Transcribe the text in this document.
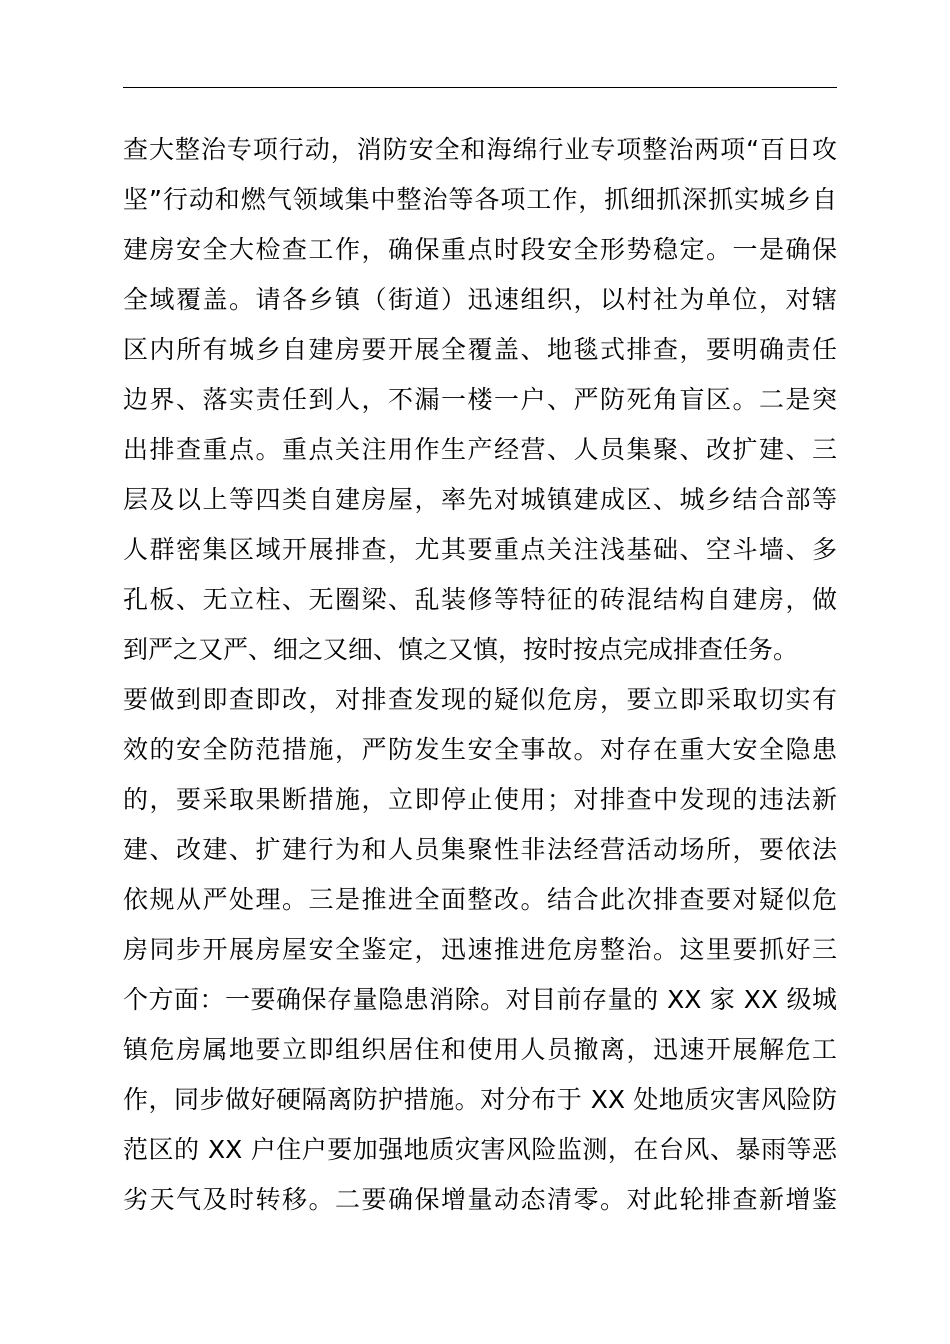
查大整治专项行动，消防安全和海绵行业专项整治两项“百日攻
坚”行动和燃气领域集中整治等各项工作，抓细抓深抓实城乡自
建房安全大检查工作，确保重点时段安全形势稳定。一是确保
全域覆盖。请各乡镇（街道）迅速组织，以村社为单位，对辖
区内所有城乡自建房要开展全覆盖、地毯式排查，要明确责任
边界、落实责任到人，不漏一楼一户、严防死角盲区。二是突
出排查重点。重点关注用作生产经营、人员集聚、改扩建、三
层及以上等四类自建房屋，率先对城镇建成区、城乡结合部等
人群密集区域开展排查，尤其要重点关注浅基础、空斗墙、多
孔板、无立柱、无圈梁、乱装修等特征的砖混结构自建房，做
到严之又严、细之又细、慎之又慎，按时按点完成排查任务。
要做到即查即改，对排查发现的疑似危房，要立即采取切实有
效的安全防范措施，严防发生安全事故。对存在重大安全隐患
的，要采取果断措施，立即停止使用；对排查中发现的违法新
建、改建、扩建行为和人员集聚性非法经营活动场所，要依法
依规从严处理。三是推进全面整改。结合此次排查要对疑似危
房同步开展房屋安全鉴定，迅速推进危房整治。这里要抓好三
个方面：一要确保存量隐患消除。对目前存量的 XX 家 XX 级城
镇危房属地要立即组织居住和使用人员撤离，迅速开展解危工
作，同步做好硬隔离防护措施。对分布于 XX 处地质灾害风险防
范区的 XX 户住户要加强地质灾害风险监测，在台风、暴雨等恶
劣天气及时转移。二要确保增量动态清零。对此轮排查新增鉴
